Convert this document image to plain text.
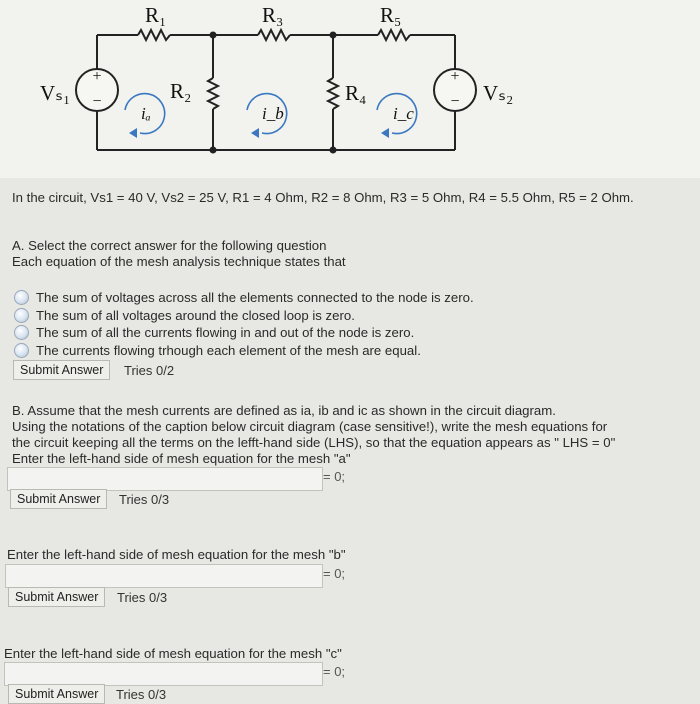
+
−
+
−
R₁	R₃	R₅
R₂	R₄
Vₛ₁	Vₛ₂
iₐ	i_b	i_c
In the circuit, Vs1 = 40 V, Vs2 = 25 V, R1 = 4 Ohm, R2 = 8 Ohm, R3 = 5 Ohm, R4 = 5.5 Ohm, R5 = 2 Ohm.
A. Select the correct answer for the following question
Each equation of the mesh analysis technique states that
The sum of voltages across all the elements connected to the node is zero.
The sum of all voltages around the closed loop is zero.
The sum of all the currents flowing in and out of the node is zero.
The currents flowing trhough each element of the mesh are equal.
Submit Answer	Tries 0/2
B. Assume that the mesh currents are defined as ia, ib and ic as shown in the circuit diagram.
Using the notations of the caption below circuit diagram (case sensitive!), write the mesh equations for
the circuit keeping all the terms on the lefft-hand side (LHS), so that the equation appears as " LHS = 0"
Enter the left-hand side of mesh equation for the mesh "a"
= 0;
Submit Answer	Tries 0/3
Enter the left-hand side of mesh equation for the mesh "b"
= 0;
Submit Answer	Tries 0/3
Enter the left-hand side of mesh equation for the mesh "c"
= 0;
Submit Answer	Tries 0/3
